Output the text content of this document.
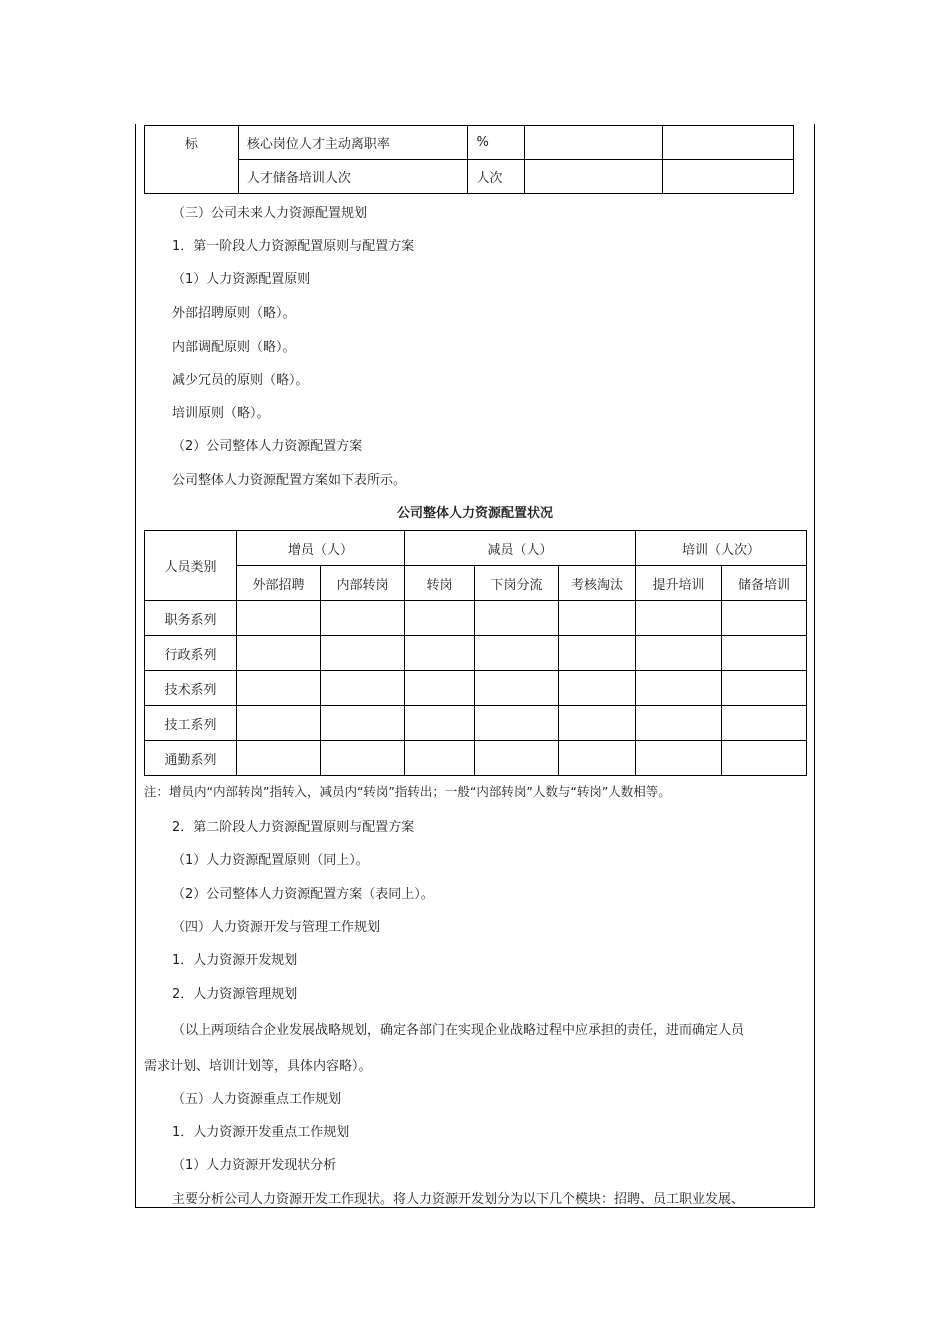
标	核心岗位人才主动离职率	%		
	人才储备培训人次	人次		
（三）公司未来人力资源配置规划
1．第一阶段人力资源配置原则与配置方案
（1）人力资源配置原则
外部招聘原则（略）。
内部调配原则（略）。
减少冗员的原则（略）。
培训原则（略）。
（2）公司整体人力资源配置方案
公司整体人力资源配置方案如下表所示。
公司整体人力资源配置状况
人员类别	增员（人）		减员（人）			培训（人次）	
	外部招聘	内部转岗	转岗	下岗分流	考核淘汰	提升培训	储备培训
职务系列							
行政系列							
技术系列							
技工系列							
通勤系列							
注：增员内“内部转岗”指转入，减员内“转岗”指转出；一般“内部转岗”人数与“转岗”人数相等。
2．第二阶段人力资源配置原则与配置方案
（1）人力资源配置原则（同上）。
（2）公司整体人力资源配置方案（表同上）。
（四）人力资源开发与管理工作规划
1．人力资源开发规划
2．人力资源管理规划
（以上两项结合企业发展战略规划，确定各部门在实现企业战略过程中应承担的责任，进而确定人员
需求计划、培训计划等，具体内容略）。
（五）人力资源重点工作规划
1．人力资源开发重点工作规划
（1）人力资源开发现状分析
主要分析公司人力资源开发工作现状。将人力资源开发划分为以下几个模块：招聘、员工职业发展、
